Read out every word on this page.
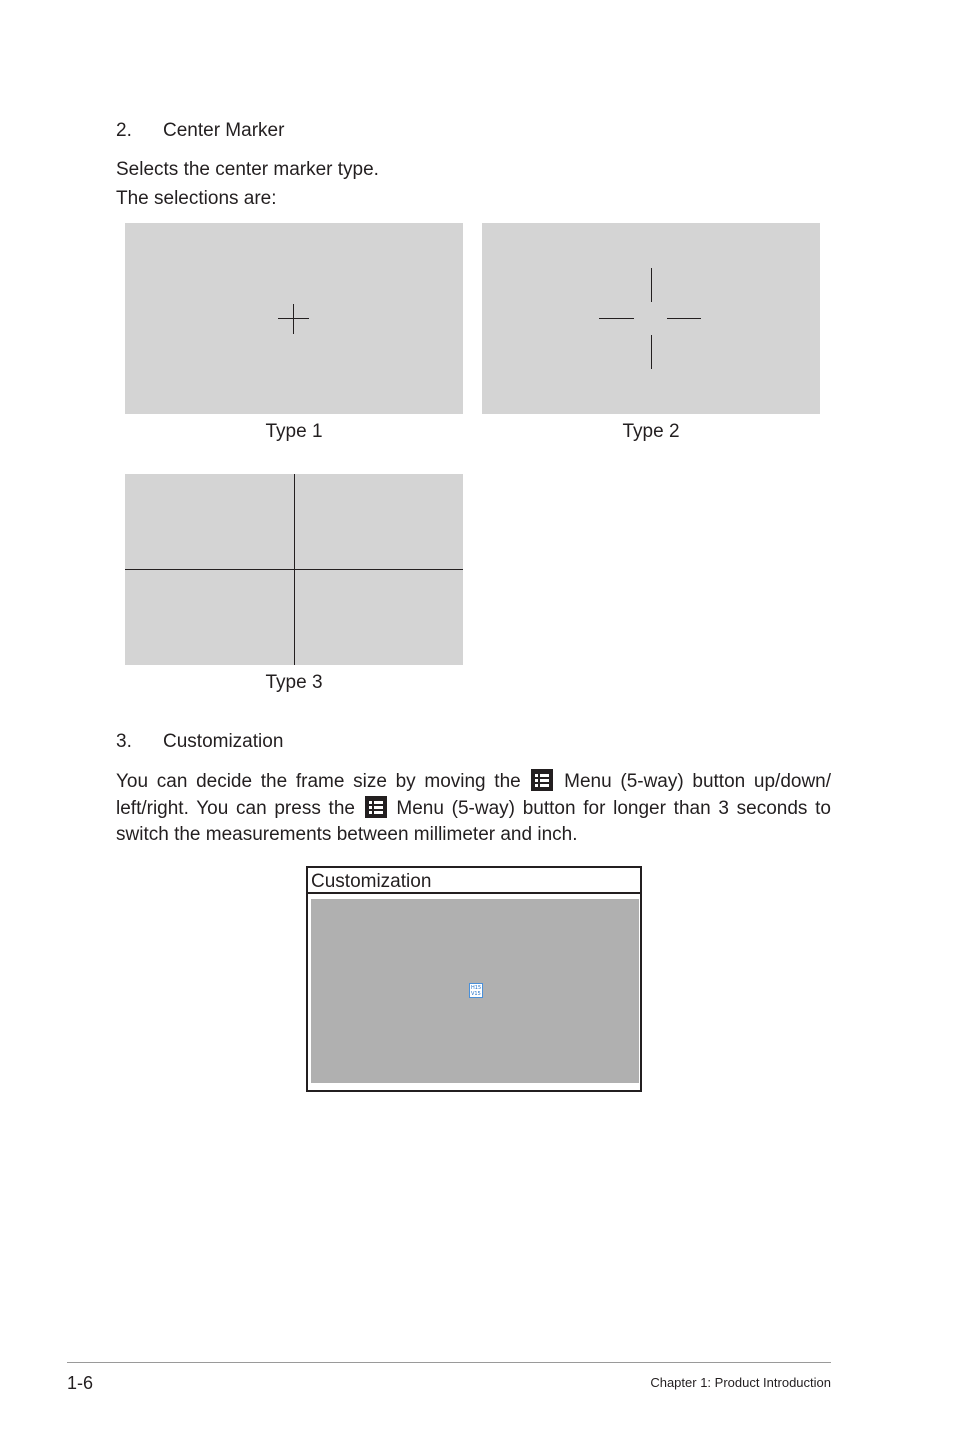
2. Center Marker
Selects the center marker type.
The selections are:
Type 1	Type 2
Type 3
3. Customization
You can decide the frame size by moving the Menu (5-way) button up/down/ left/right. You can press the Menu (5-way) button for longer than 3 seconds to switch the measurements between millimeter and inch.
Customization
H15
V15
1-6	Chapter 1: Product Introduction
